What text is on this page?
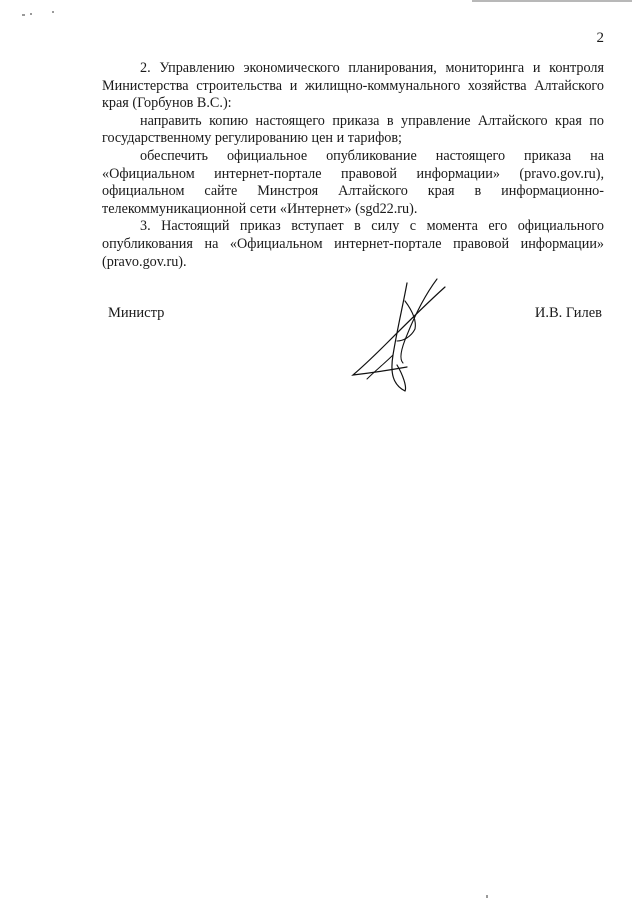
2

2. Управлению экономического планирования, мониторинга и контроля Министерства строительства и жилищно-коммунального хозяйства Алтайского края (Горбунов В.С.):

направить копию настоящего приказа в управление Алтайского края по государственному регулированию цен и тарифов;

обеспечить официальное опубликование настоящего приказа на «Официальном интернет-портале правовой информации» (pravo.gov.ru), официальном сайте Минстроя Алтайского края в информационно-телекоммуникационной сети «Интернет» (sgd22.ru).

3. Настоящий приказ вступает в силу с момента его официального опубликования на «Официальном интернет-портале правовой информации» (pravo.gov.ru).

Министр	И.В. Гилев
